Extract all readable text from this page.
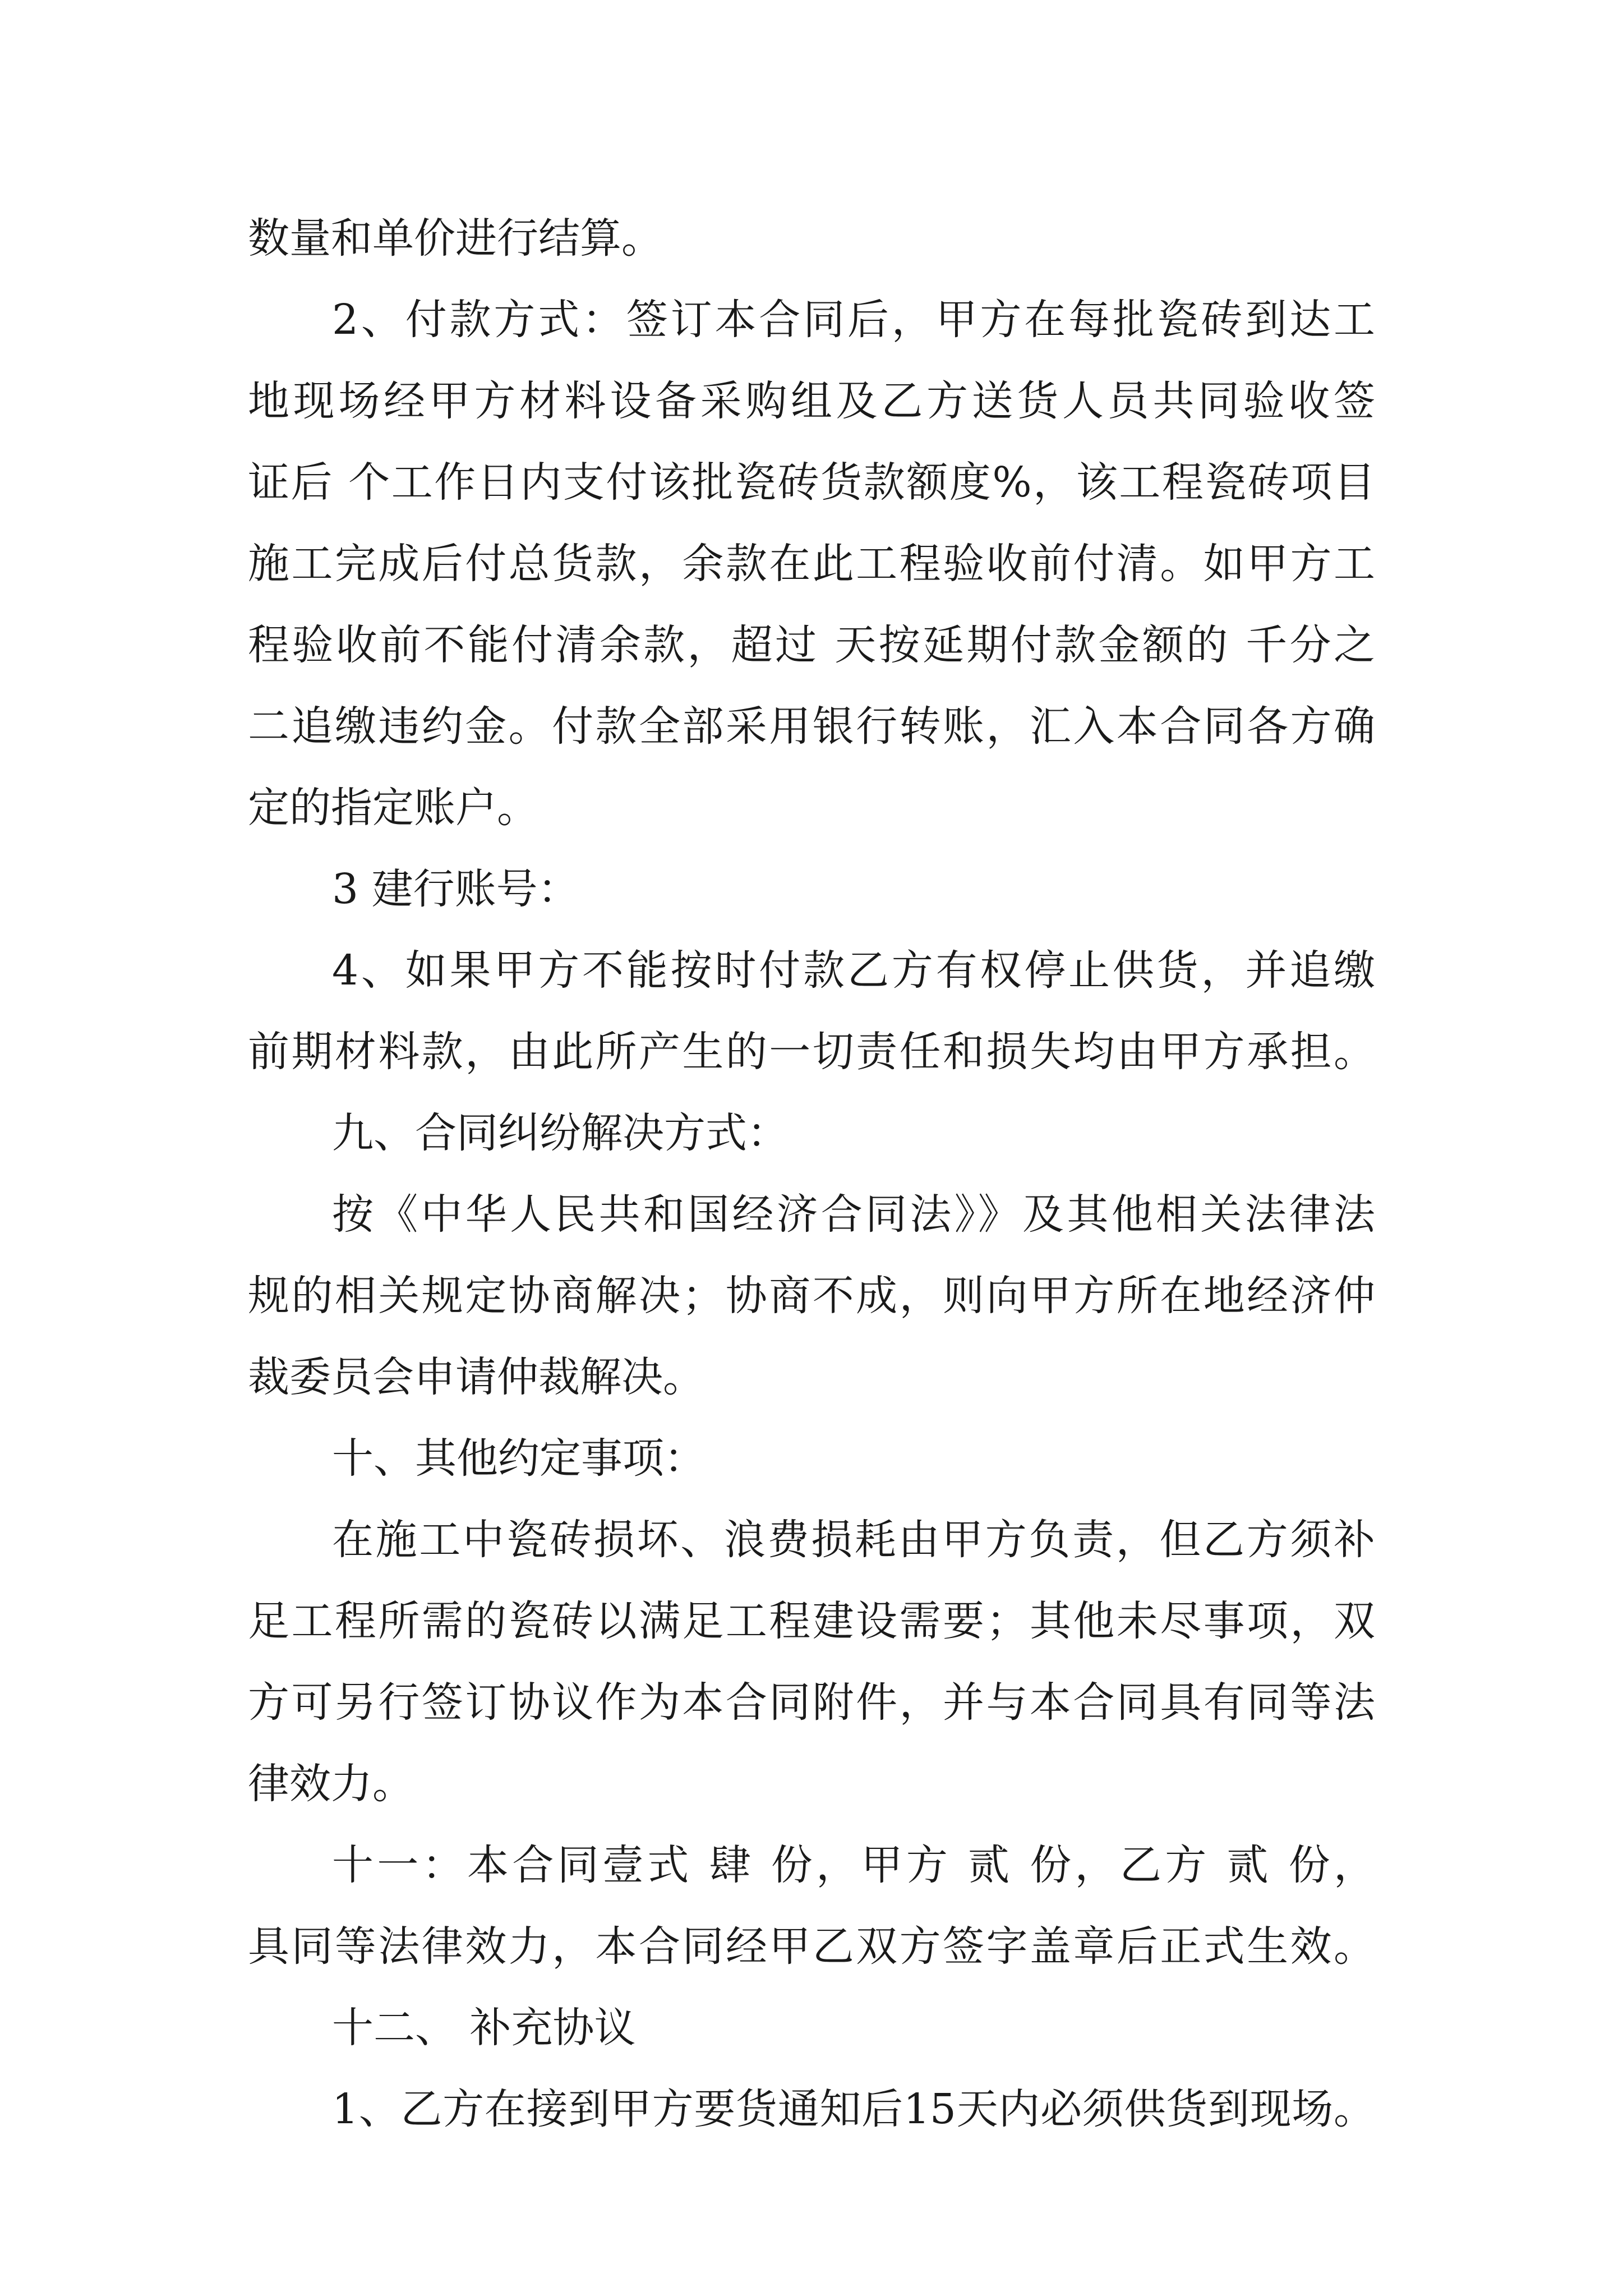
数量和单价进行结算。
2、付款方式：签订本合同后，甲方在每批瓷砖到达工
地现场经甲方材料设备采购组及乙方送货人员共同验收签
证后 个工作日内支付该批瓷砖货款额度%，该工程瓷砖项目
施工完成后付总货款，余款在此工程验收前付清。如甲方工
程验收前不能付清余款，超过 天按延期付款金额的 千分之
二追缴违约金。付款全部采用银行转账，汇入本合同各方确
定的指定账户。
3 建行账号：
4、如果甲方不能按时付款乙方有权停止供货，并追缴
前期材料款，由此所产生的一切责任和损失均由甲方承担。
九、合同纠纷解决方式：
按《中华人民共和国经济合同法》》及其他相关法律法
规的相关规定协商解决；协商不成，则向甲方所在地经济仲
裁委员会申请仲裁解决。
十、其他约定事项：
在施工中瓷砖损坏、浪费损耗由甲方负责，但乙方须补
足工程所需的瓷砖以满足工程建设需要；其他未尽事项，双
方可另行签订协议作为本合同附件，并与本合同具有同等法
律效力。
十一：本合同壹式 肆 份，甲方 贰 份，乙方 贰 份，
具同等法律效力，本合同经甲乙双方签字盖章后正式生效。
十二、 补充协议
1、乙方在接到甲方要货通知后15天内必须供货到现场。
